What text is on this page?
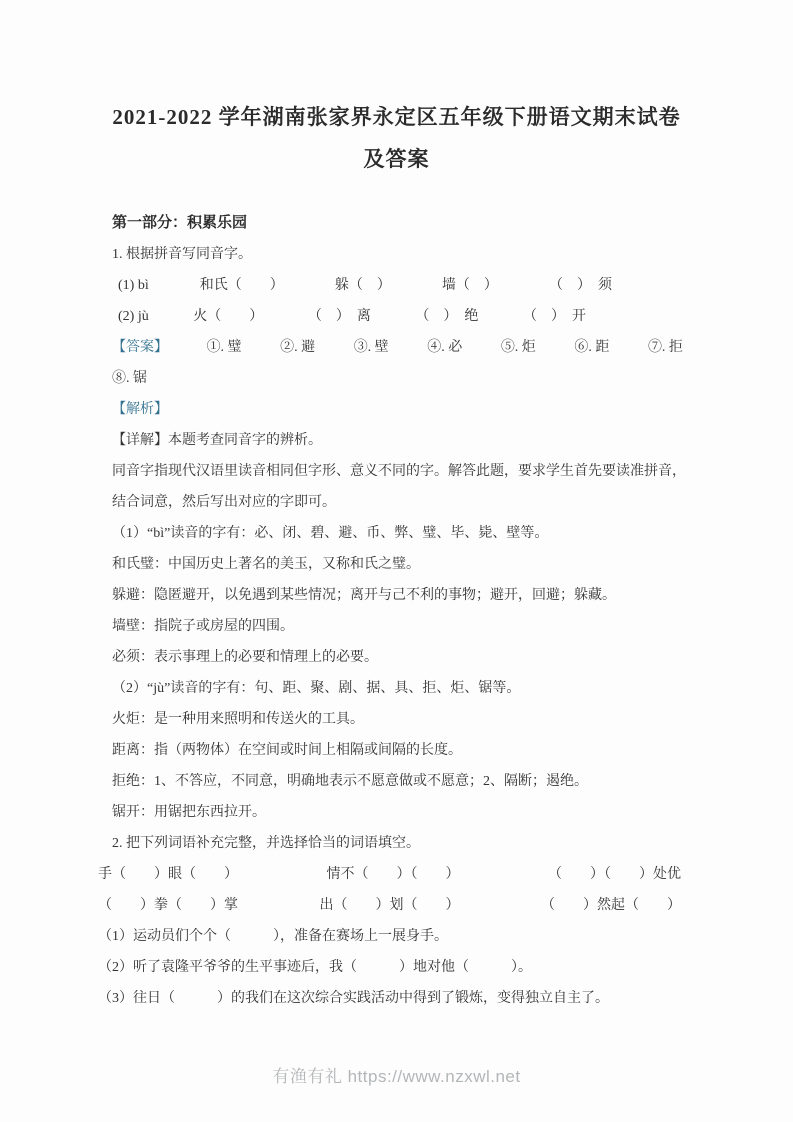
2021-2022 学年湖南张家界永定区五年级下册语文期末试卷
及答案
第一部分：积累乐园
1. 根据拼音写同音字。
(1) bì	和氏（　　）	躲（　）	墙（　）	（　）　须
(2) jù	火（　　）	（　）　离	（　）　绝	（　）　开
【答案】	①. 璧	②. 避	③. 壁	④. 必	⑤. 炬	⑥. 距	⑦. 拒
⑧. 锯
【解析】
【详解】本题考查同音字的辨析。
同音字指现代汉语里读音相同但字形、意义不同的字。解答此题，要求学生首先要读准拼音，
结合词意，然后写出对应的字即可。
（1）“bì”读音的字有：必、闭、碧、避、币、弊、璧、毕、毙、壁等。
和氏璧：中国历史上著名的美玉，又称和氏之璧。
躲避：隐匿避开，以免遇到某些情况；离开与己不利的事物；避开，回避；躲藏。
墙壁：指院子或房屋的四围。
必须：表示事理上的必要和情理上的必要。
（2）“jù”读音的字有：句、距、聚、剧、据、具、拒、炬、锯等。
火炬：是一种用来照明和传送火的工具。
距离：指（两物体）在空间或时间上相隔或间隔的长度。
拒绝：1、不答应，不同意，明确地表示不愿意做或不愿意；2、隔断；遏绝。
锯开：用锯把东西拉开。
2. 把下列词语补充完整，并选择恰当的词语填空。
手（　　）眼（　　）	情不（　　）（　　）	（　　）（　　）处优
（　　）拳（　　）掌	出（　　）划（　　）	（　　）然起（　　）
（1）运动员们个个（　　　），准备在赛场上一展身手。
（2）听了袁隆平爷爷的生平事迹后，我（　　　）地对他（　　　）。
（3）往日（　　　）的我们在这次综合实践活动中得到了锻炼，变得独立自主了。
有渔有礼 https://www.nzxwl.net
